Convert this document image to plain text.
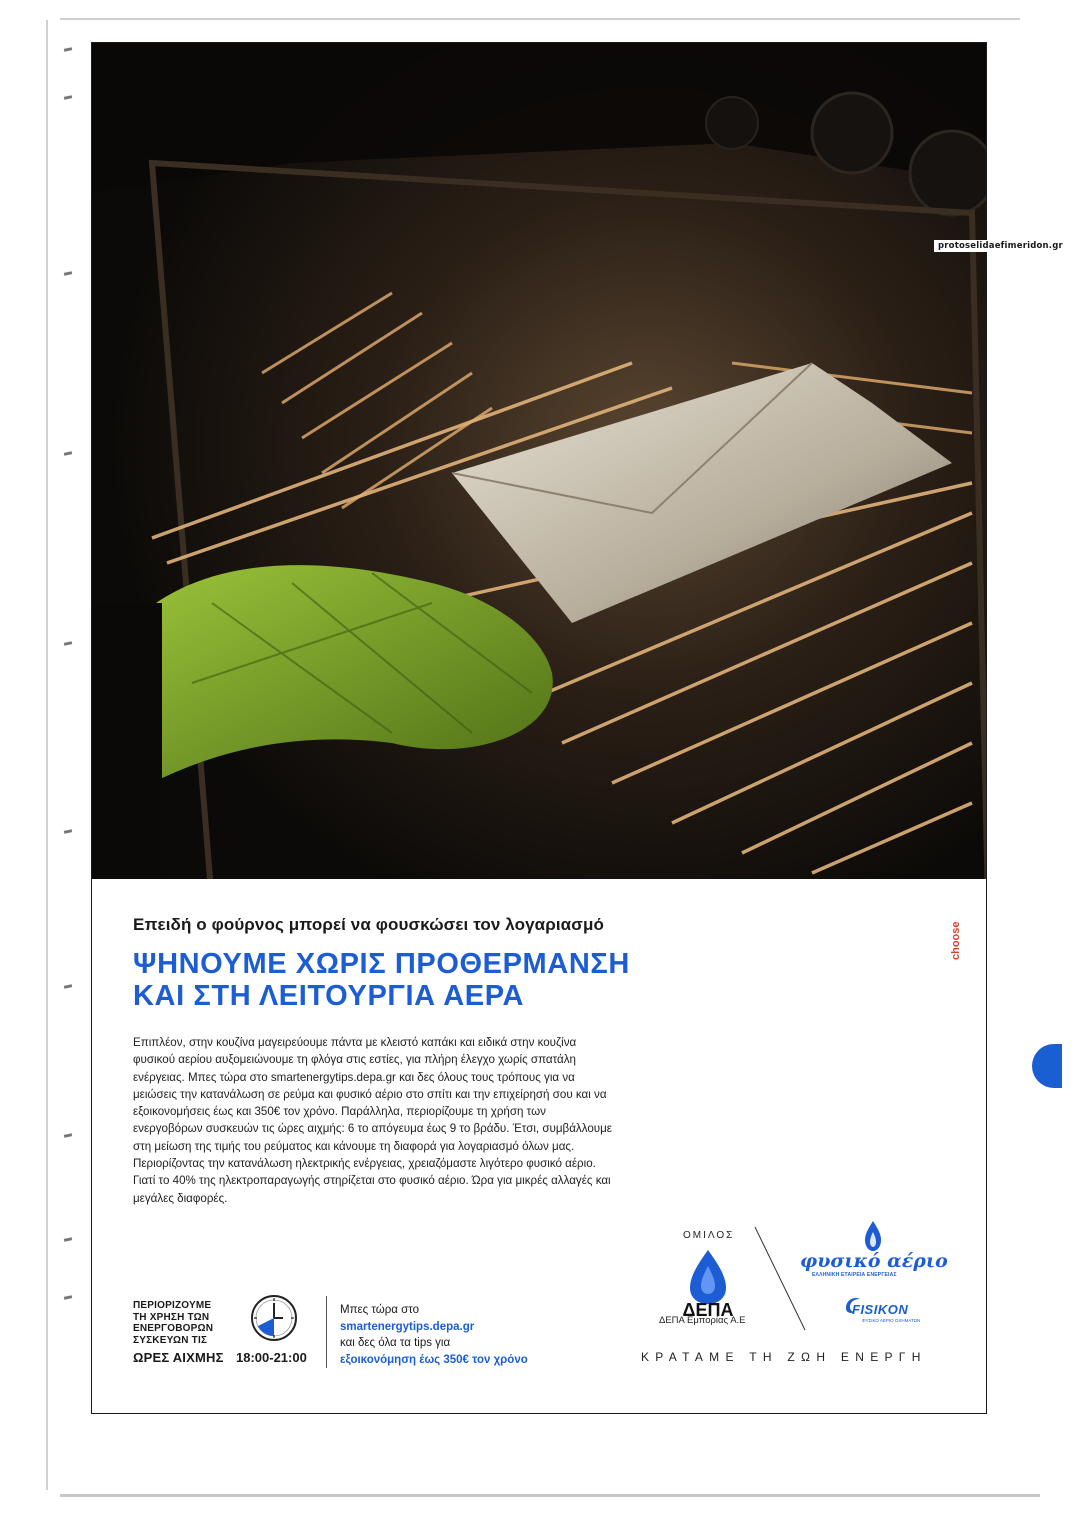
protoselidaefimeridon.gr
Επειδή ο φούρνος μπορεί να φουσκώσει τον λογαριασμό
ΨΗΝΟΥΜΕ ΧΩΡΙΣ ΠΡΟΘΕΡΜΑΝΣΗ
ΚΑΙ ΣΤΗ ΛΕΙΤΟΥΡΓΙΑ ΑΕΡΑ
Επιπλέον, στην κουζίνα μαγειρεύουμε πάντα με κλειστό καπάκι και ειδικά στην κουζίνα φυσικού αερίου αυξομειώνουμε τη φλόγα στις εστίες, για πλήρη έλεγχο χωρίς σπατάλη ενέργειας. Μπες τώρα στο smartenergytips.depa.gr και δες όλους τους τρόπους για να μειώσεις την κατανάλωση σε ρεύμα και φυσικό αέριο στο σπίτι και την επιχείρησή σου και να εξοικονομήσεις έως και 350€ τον χρόνο. Παράλληλα, περιορίζουμε τη χρήση των ενεργοβόρων συσκευών τις ώρες αιχμής: 6 το απόγευμα έως 9 το βράδυ. Έτσι, συμβάλλουμε στη μείωση της τιμής του ρεύματος και κάνουμε τη διαφορά για λογαριασμό όλων μας. Περιορίζοντας την κατανάλωση ηλεκτρικής ενέργειας, χρειαζόμαστε λιγότερο φυσικό αέριο. Γιατί το 40% της ηλεκτροπαραγωγής στηρίζεται στο φυσικό αέριο. Ώρα για μικρές αλλαγές και μεγάλες διαφορές.
choose
ΠΕΡΙΟΡΙΖΟΥΜΕ
ΤΗ ΧΡΗΣΗ ΤΩΝ
ΕΝΕΡΓΟΒΟΡΩΝ
ΣΥΣΚΕΥΩΝ ΤΙΣ
ΩΡΕΣ ΑΙΧΜΗΣ 18:00-21:00
Μπες τώρα στο
smartenergytips.depa.gr
και δες όλα τα tips για
εξοικονόμηση έως 350€ τον χρόνο
ΟΜΙΛΟΣ
ΔΕΠΑ
ΔΕΠΑ Εμπορίας Α.Ε
φυσικό αέριο
ΕΛΛΗΝΙΚΗ ΕΤΑΙΡΕΙΑ ΕΝΕΡΓΕΙΑΣ
FISIKON
ΦΥΣΙΚΟ ΑΕΡΙΟ ΟΧΗΜΑΤΩΝ
ΚΡΑΤΑΜΕ ΤΗ ΖΩΗ ΕΝΕΡΓΗ
